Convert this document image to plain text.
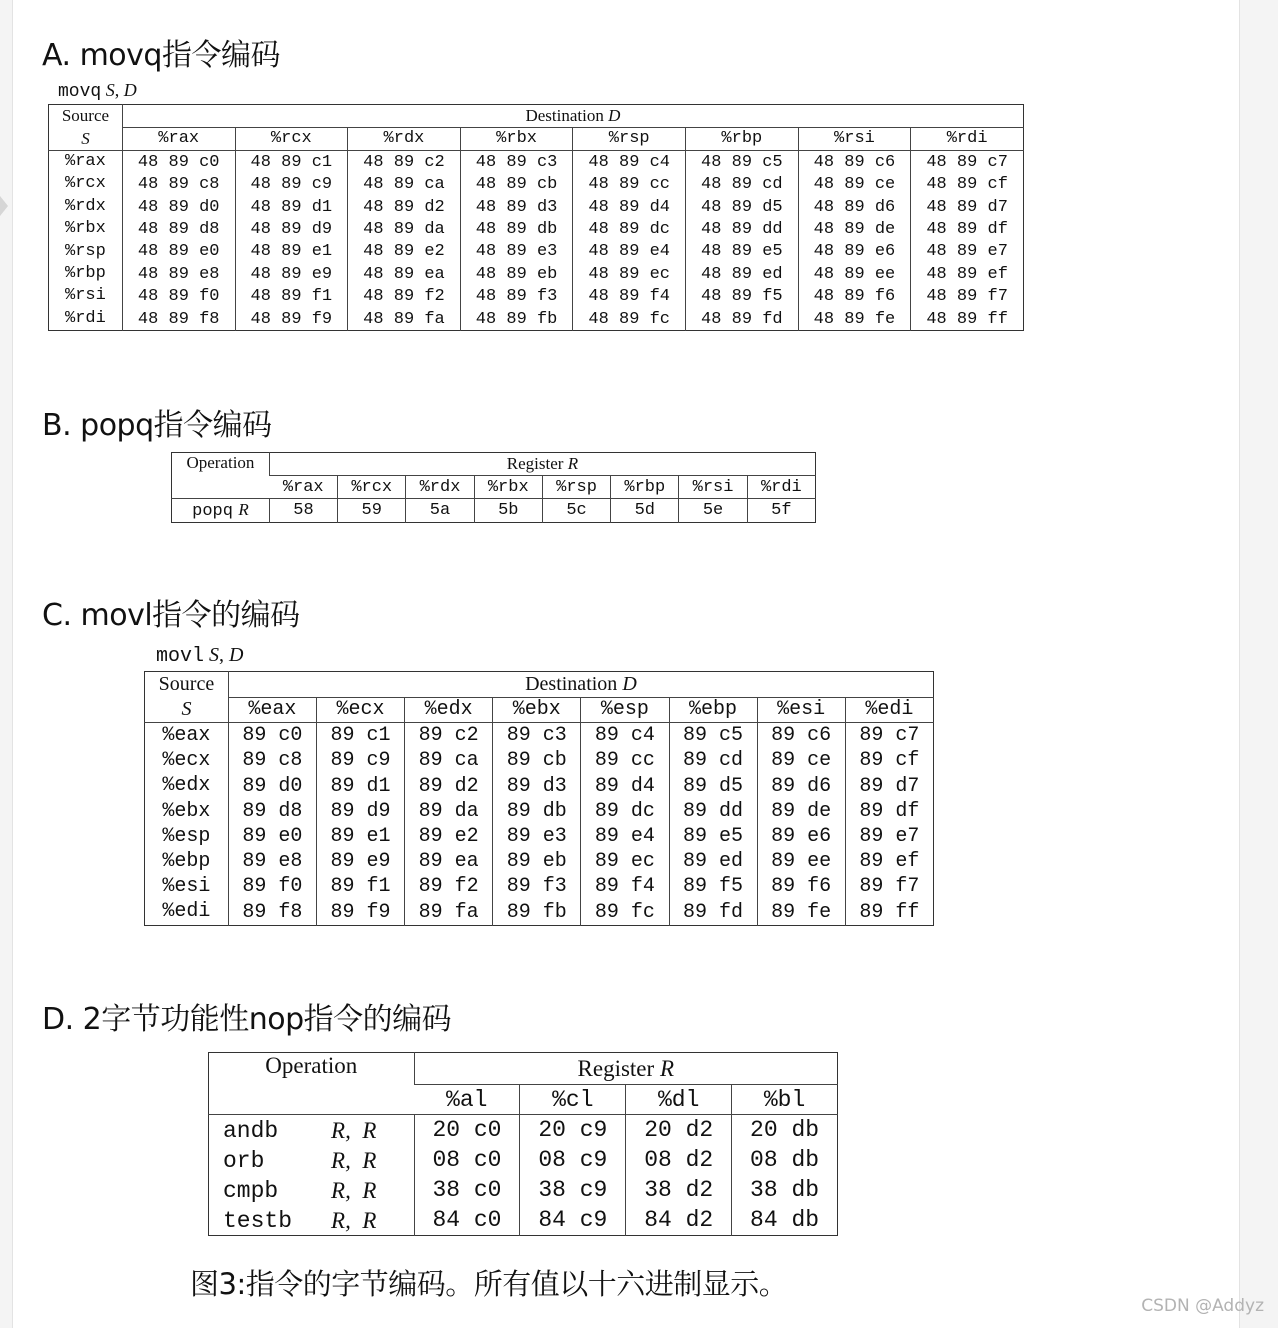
A. movq指令编码
movq S, D
Source	Destination D							
S	%rax	%rcx	%rdx	%rbx	%rsp	%rbp	%rsi	%rdi
%rax	48 89 c0	48 89 c1	48 89 c2	48 89 c3	48 89 c4	48 89 c5	48 89 c6	48 89 c7
%rcx	48 89 c8	48 89 c9	48 89 ca	48 89 cb	48 89 cc	48 89 cd	48 89 ce	48 89 cf
%rdx	48 89 d0	48 89 d1	48 89 d2	48 89 d3	48 89 d4	48 89 d5	48 89 d6	48 89 d7
%rbx	48 89 d8	48 89 d9	48 89 da	48 89 db	48 89 dc	48 89 dd	48 89 de	48 89 df
%rsp	48 89 e0	48 89 e1	48 89 e2	48 89 e3	48 89 e4	48 89 e5	48 89 e6	48 89 e7
%rbp	48 89 e8	48 89 e9	48 89 ea	48 89 eb	48 89 ec	48 89 ed	48 89 ee	48 89 ef
%rsi	48 89 f0	48 89 f1	48 89 f2	48 89 f3	48 89 f4	48 89 f5	48 89 f6	48 89 f7
%rdi	48 89 f8	48 89 f9	48 89 fa	48 89 fb	48 89 fc	48 89 fd	48 89 fe	48 89 ff
B. popq指令编码
Operation	Register R							
	%rax	%rcx	%rdx	%rbx	%rsp	%rbp	%rsi	%rdi
popq R	58	59	5a	5b	5c	5d	5e	5f
C. movl指令的编码
movl S, D
Source	Destination D							
S	%eax	%ecx	%edx	%ebx	%esp	%ebp	%esi	%edi
%eax	89 c0	89 c1	89 c2	89 c3	89 c4	89 c5	89 c6	89 c7
%ecx	89 c8	89 c9	89 ca	89 cb	89 cc	89 cd	89 ce	89 cf
%edx	89 d0	89 d1	89 d2	89 d3	89 d4	89 d5	89 d6	89 d7
%ebx	89 d8	89 d9	89 da	89 db	89 dc	89 dd	89 de	89 df
%esp	89 e0	89 e1	89 e2	89 e3	89 e4	89 e5	89 e6	89 e7
%ebp	89 e8	89 e9	89 ea	89 eb	89 ec	89 ed	89 ee	89 ef
%esi	89 f0	89 f1	89 f2	89 f3	89 f4	89 f5	89 f6	89 f7
%edi	89 f8	89 f9	89 fa	89 fb	89 fc	89 fd	89 fe	89 ff
D. 2字节功能性nop指令的编码
Operation	Register R			
	%al	%cl	%dl	%bl
andb R,  R	20 c0	20 c9	20 d2	20 db
orb R,  R	08 c0	08 c9	08 d2	08 db
cmpb R,  R	38 c0	38 c9	38 d2	38 db
testb R,  R	84 c0	84 c9	84 d2	84 db

图3:指令的字节编码。所有值以十六进制显示。

CSDN @Addyz
